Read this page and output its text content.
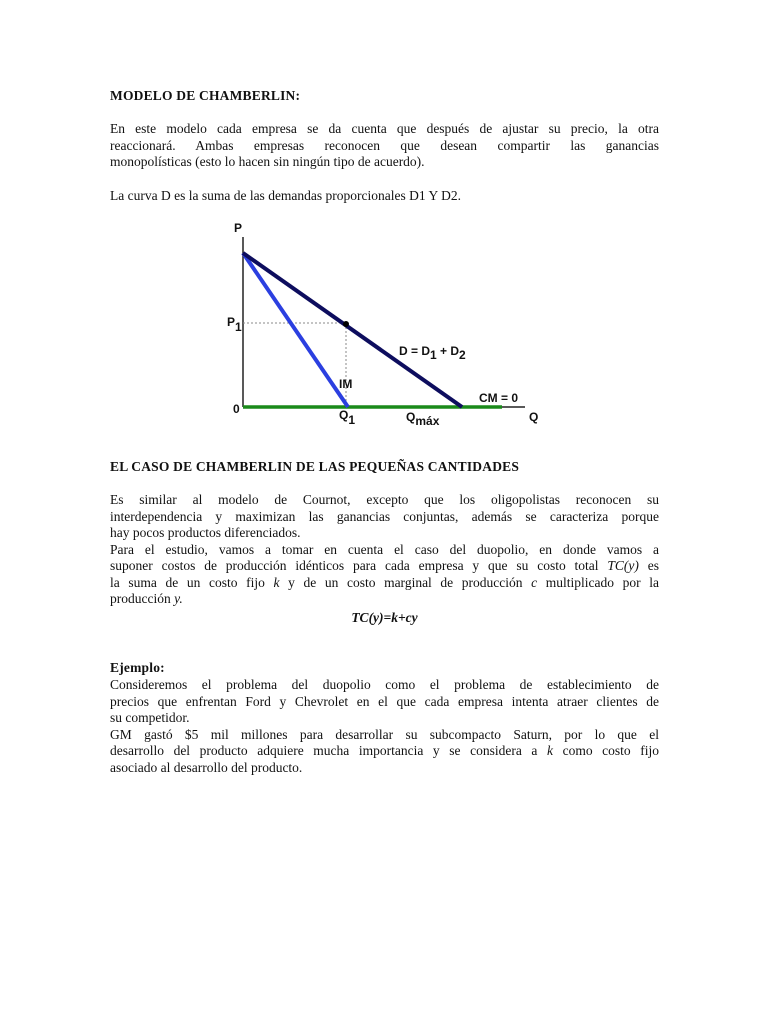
MODELO DE CHAMBERLIN:
En este modelo cada empresa se da cuenta que después de ajustar su precio, la otra
reaccionará. Ambas empresas reconocen que desean compartir las ganancias
monopolísticas (esto lo hacen sin ningún tipo de acuerdo).
La curva D es la suma de las demandas proporcionales D1 Y D2.
EL CASO DE CHAMBERLIN DE LAS PEQUEÑAS CANTIDADES
Es similar al modelo de Cournot, excepto que los oligopolistas reconocen su
interdependencia y maximizan las ganancias conjuntas, además se caracteriza porque
hay pocos productos diferenciados.
Para el estudio, vamos a tomar en cuenta el caso del duopolio, en donde vamos a
suponer costos de producción idénticos para cada empresa y que su costo total TC(y) es
la suma de un costo fijo k y de un costo marginal de producción c multiplicado por la
producción y.
TC(y)=k+cy
Ejemplo:
Consideremos el problema del duopolio como el problema de establecimiento de
precios que enfrentan Ford y Chevrolet en el que cada empresa intenta atraer clientes de
su competidor.
GM gastó $5 mil millones para desarrollar su subcompacto Saturn, por lo que el
desarrollo del producto adquiere mucha importancia y se considera a k como costo fijo
asociado al desarrollo del producto.
P
Q
0
P1
Q1	Qmáx
D = D1 + D2
IM
CM = 0
